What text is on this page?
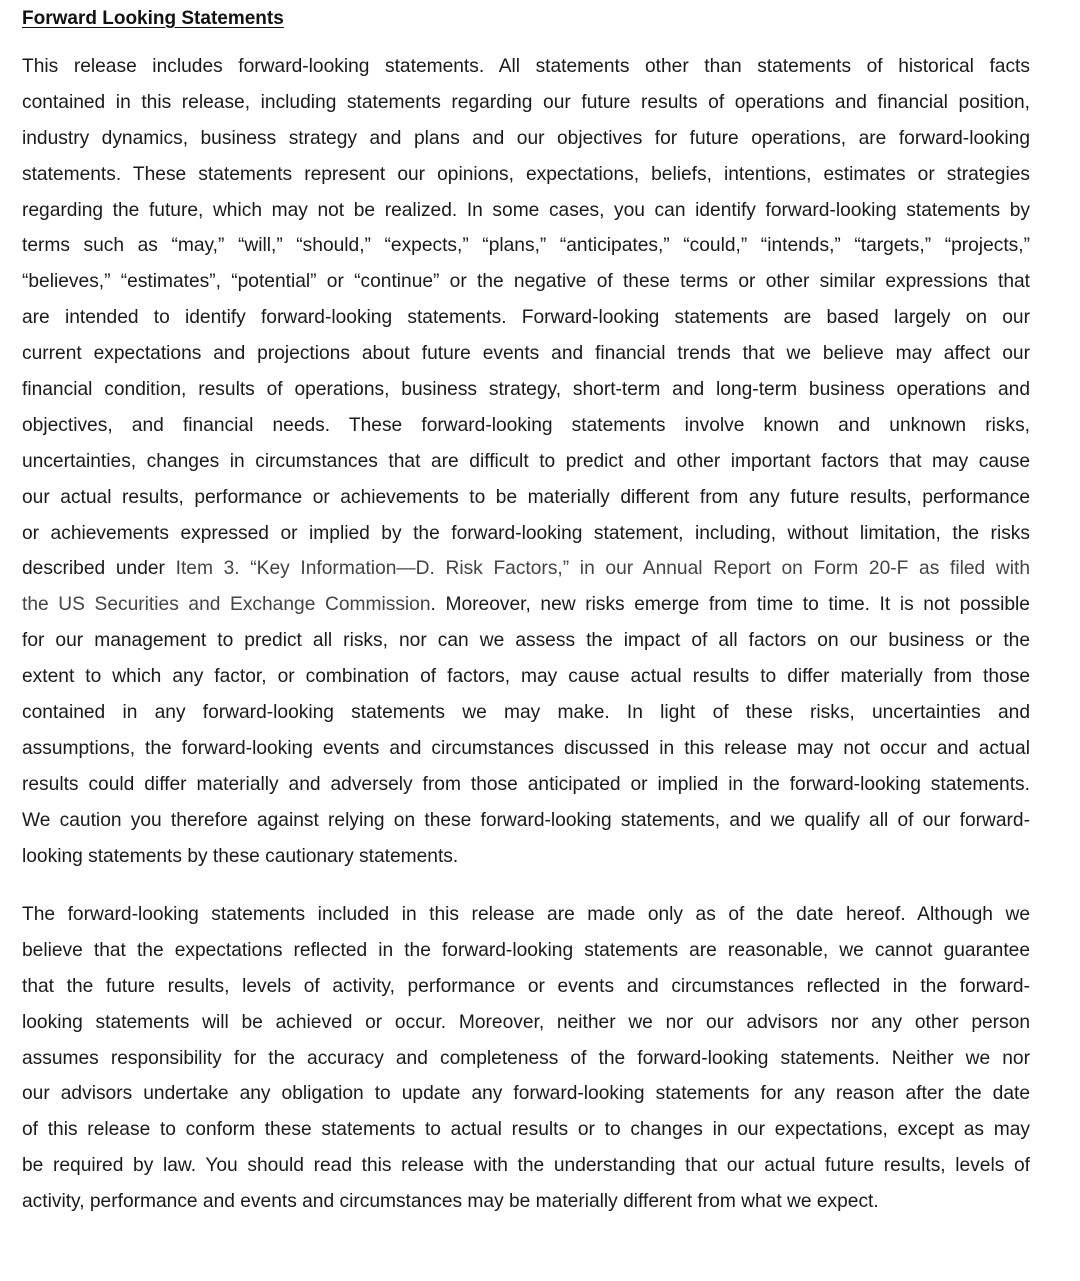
Forward Looking Statements
This release includes forward-looking statements. All statements other than statements of historical facts
contained in this release, including statements regarding our future results of operations and financial position,
industry dynamics, business strategy and plans and our objectives for future operations, are forward-looking
statements. These statements represent our opinions, expectations, beliefs, intentions, estimates or strategies
regarding the future, which may not be realized. In some cases, you can identify forward-looking statements by
terms such as “may,” “will,” “should,” “expects,” “plans,” “anticipates,” “could,” “intends,” “targets,” “projects,”
“believes,” “estimates”, “potential” or “continue” or the negative of these terms or other similar expressions that
are intended to identify forward-looking statements. Forward-looking statements are based largely on our
current expectations and projections about future events and financial trends that we believe may affect our
financial condition, results of operations, business strategy, short-term and long-term business operations and
objectives, and financial needs. These forward-looking statements involve known and unknown risks,
uncertainties, changes in circumstances that are difficult to predict and other important factors that may cause
our actual results, performance or achievements to be materially different from any future results, performance
or achievements expressed or implied by the forward-looking statement, including, without limitation, the risks
described under Item 3. “Key Information—D. Risk Factors,” in our Annual Report on Form 20-F as filed with
the US Securities and Exchange Commission. Moreover, new risks emerge from time to time. It is not possible
for our management to predict all risks, nor can we assess the impact of all factors on our business or the
extent to which any factor, or combination of factors, may cause actual results to differ materially from those
contained in any forward-looking statements we may make. In light of these risks, uncertainties and
assumptions, the forward-looking events and circumstances discussed in this release may not occur and actual
results could differ materially and adversely from those anticipated or implied in the forward-looking statements.
We caution you therefore against relying on these forward-looking statements, and we qualify all of our forward-
looking statements by these cautionary statements.
The forward-looking statements included in this release are made only as of the date hereof. Although we
believe that the expectations reflected in the forward-looking statements are reasonable, we cannot guarantee
that the future results, levels of activity, performance or events and circumstances reflected in the forward-
looking statements will be achieved or occur. Moreover, neither we nor our advisors nor any other person
assumes responsibility for the accuracy and completeness of the forward-looking statements. Neither we nor
our advisors undertake any obligation to update any forward-looking statements for any reason after the date
of this release to conform these statements to actual results or to changes in our expectations, except as may
be required by law. You should read this release with the understanding that our actual future results, levels of
activity, performance and events and circumstances may be materially different from what we expect.
